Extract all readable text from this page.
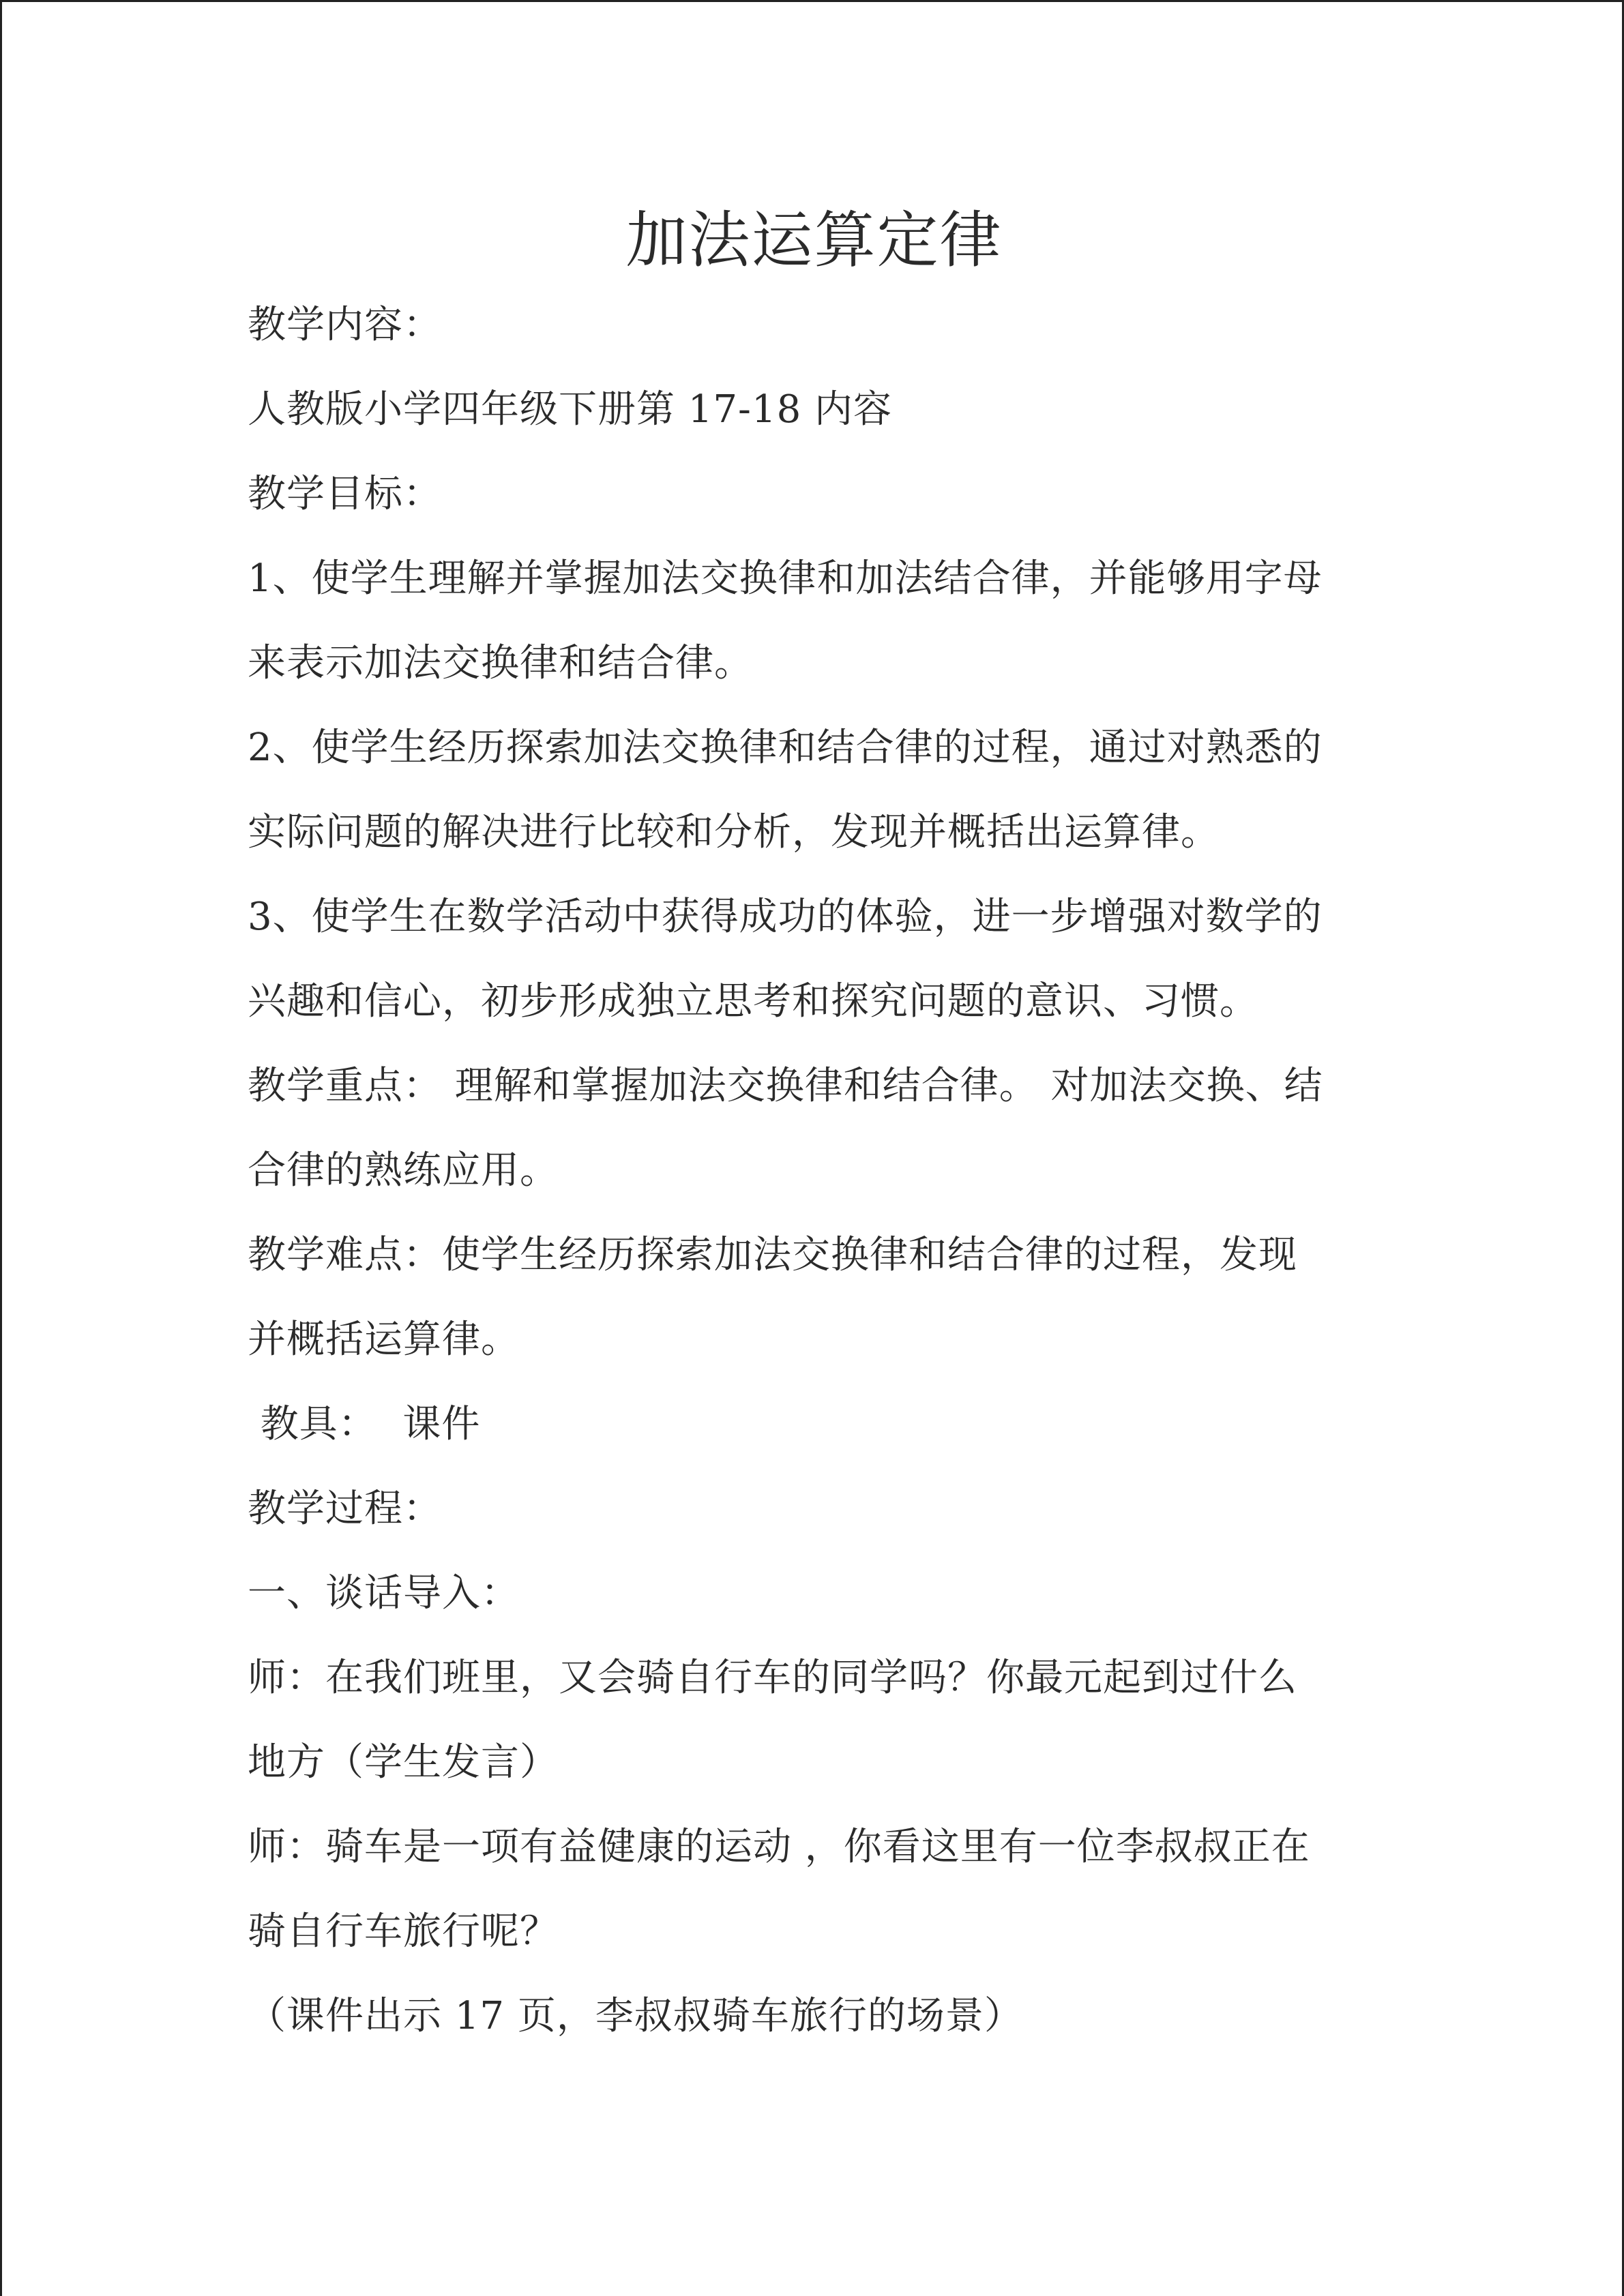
加法运算定律
教学内容：
人教版小学四年级下册第 17-18 内容
教学目标：
1、使学生理解并掌握加法交换律和加法结合律，并能够用字母
来表示加法交换律和结合律。
2、使学生经历探索加法交换律和结合律的过程，通过对熟悉的
实际问题的解决进行比较和分析，发现并概括出运算律。
3、使学生在数学活动中获得成功的体验，进一步增强对数学的
兴趣和信心，初步形成独立思考和探究问题的意识、习惯。
教学重点： 理解和掌握加法交换律和结合律。 对加法交换、结
合律的熟练应用。
教学难点：使学生经历探索加法交换律和结合律的过程，发现
并概括运算律。
教具：  课件
教学过程：
一、谈话导入：
师：在我们班里，又会骑自行车的同学吗？你最元起到过什么
地方（学生发言）
师：骑车是一项有益健康的运动 ，你看这里有一位李叔叔正在
骑自行车旅行呢？
（课件出示 17 页，李叔叔骑车旅行的场景）
